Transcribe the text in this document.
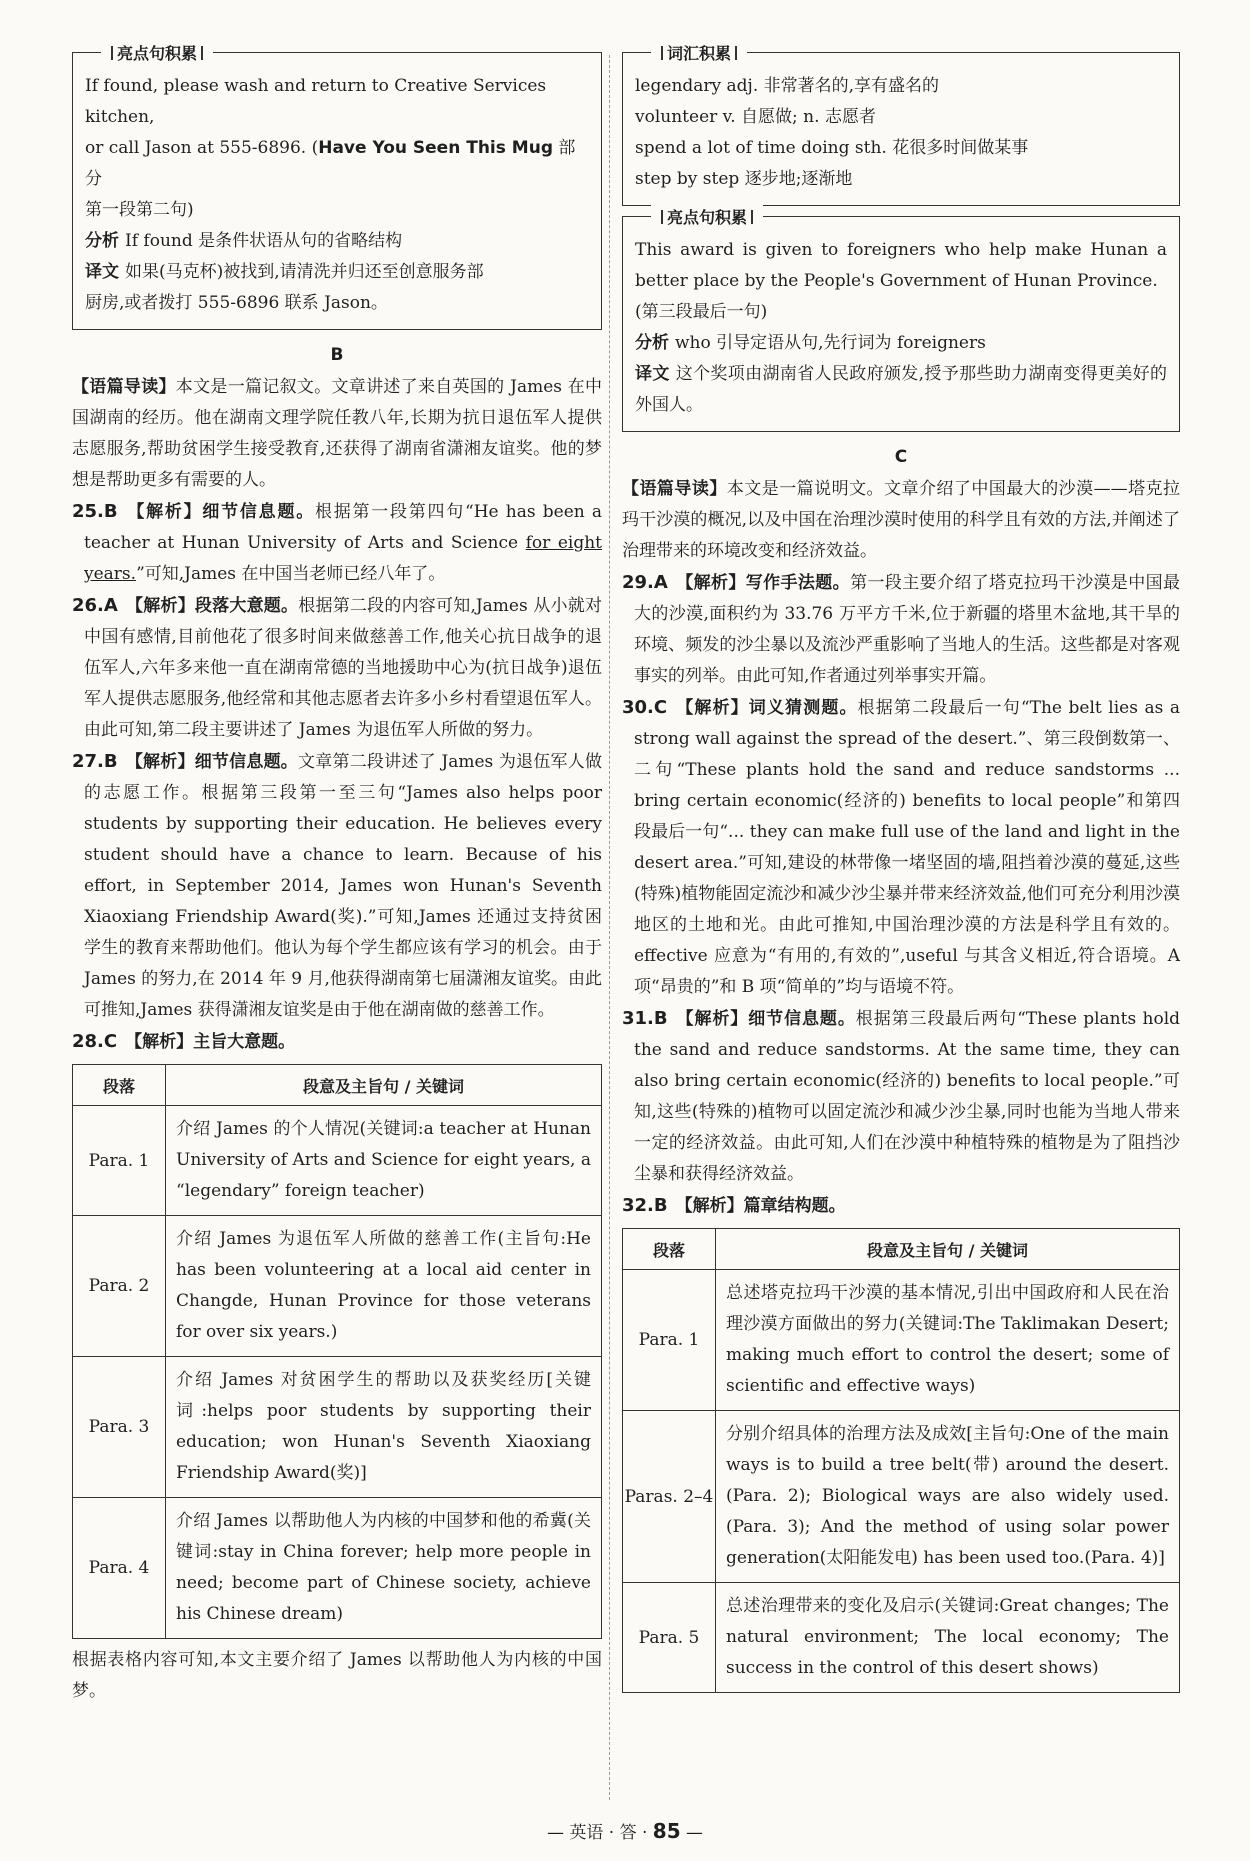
亮点句积累
If found, please wash and return to Creative Services kitchen,
or call Jason at 555-6896. (Have You Seen This Mug 部分
第一段第二句)
分析 If found 是条件状语从句的省略结构
译文 如果(马克杯)被找到,请清洗并归还至创意服务部
厨房,或者拨打 555-6896 联系 Jason。
B

【语篇导读】本文是一篇记叙文。文章讲述了来自英国的 James 在中国湖南的经历。他在湖南文理学院任教八年,长期为抗日退伍军人提供志愿服务,帮助贫困学生接受教育,还获得了湖南省潇湘友谊奖。他的梦想是帮助更多有需要的人。

25.B 【解析】细节信息题。根据第一段第四句“He has been a teacher at Hunan University of Arts and Science for eight years.”可知,James 在中国当老师已经八年了。

26.A 【解析】段落大意题。根据第二段的内容可知,James 从小就对中国有感情,目前他花了很多时间来做慈善工作,他关心抗日战争的退伍军人,六年多来他一直在湖南常德的当地援助中心为(抗日战争)退伍军人提供志愿服务,他经常和其他志愿者去许多小乡村看望退伍军人。由此可知,第二段主要讲述了 James 为退伍军人所做的努力。

27.B 【解析】细节信息题。文章第二段讲述了 James 为退伍军人做的志愿工作。根据第三段第一至三句“James also helps poor students by supporting their education. He believes every student should have a chance to learn. Because of his effort, in September 2014, James won Hunan's Seventh Xiaoxiang Friendship Award(奖).”可知,James 还通过支持贫困学生的教育来帮助他们。他认为每个学生都应该有学习的机会。由于 James 的努力,在 2014 年 9 月,他获得湖南第七届潇湘友谊奖。由此可推知,James 获得潇湘友谊奖是由于他在湖南做的慈善工作。

28.C 【解析】主旨大意题。

段落	段意及主旨句 / 关键词
Para. 1	介绍 James 的个人情况(关键词:a teacher at Hunan University of Arts and Science for eight years, a “legendary” foreign teacher)
Para. 2	介绍 James 为退伍军人所做的慈善工作(主旨句:He has been volunteering at a local aid center in Changde, Hunan Province for those veterans for over six years.)
Para. 3	介绍 James 对贫困学生的帮助以及获奖经历[关键词:helps poor students by supporting their education; won Hunan's Seventh Xiaoxiang Friendship Award(奖)]
Para. 4	介绍 James 以帮助他人为内核的中国梦和他的希冀(关键词:stay in China forever; help more people in need; become part of Chinese society, achieve his Chinese dream)

根据表格内容可知,本文主要介绍了 James 以帮助他人为内核的中国梦。

词汇积累
legendary adj. 非常著名的,享有盛名的
volunteer v. 自愿做; n. 志愿者
spend a lot of time doing sth. 花很多时间做某事
step by step 逐步地;逐渐地
亮点句积累

This award is given to foreigners who help make Hunan a better place by the People's Government of Hunan Province.

(第三段最后一句)
分析 who 引导定语从句,先行词为 foreigners

译文 这个奖项由湖南省人民政府颁发,授予那些助力湖南变得更美好的外国人。

C

【语篇导读】本文是一篇说明文。文章介绍了中国最大的沙漠——塔克拉玛干沙漠的概况,以及中国在治理沙漠时使用的科学且有效的方法,并阐述了治理带来的环境改变和经济效益。

29.A 【解析】写作手法题。第一段主要介绍了塔克拉玛干沙漠是中国最大的沙漠,面积约为 33.76 万平方千米,位于新疆的塔里木盆地,其干旱的环境、频发的沙尘暴以及流沙严重影响了当地人的生活。这些都是对客观事实的列举。由此可知,作者通过列举事实开篇。

30.C 【解析】词义猜测题。根据第二段最后一句“The belt lies as a strong wall against the spread of the desert.”、第三段倒数第一、二句“These plants hold the sand and reduce sandstorms ... bring certain economic(经济的) benefits to local people”和第四段最后一句“... they can make full use of the land and light in the desert area.”可知,建设的林带像一堵坚固的墙,阻挡着沙漠的蔓延,这些(特殊)植物能固定流沙和减少沙尘暴并带来经济效益,他们可充分利用沙漠地区的土地和光。由此可推知,中国治理沙漠的方法是科学且有效的。effective 应意为“有用的,有效的”,useful 与其含义相近,符合语境。A 项“昂贵的”和 B 项“简单的”均与语境不符。

31.B 【解析】细节信息题。根据第三段最后两句“These plants hold the sand and reduce sandstorms. At the same time, they can also bring certain economic(经济的) benefits to local people.”可知,这些(特殊的)植物可以固定流沙和减少沙尘暴,同时也能为当地人带来一定的经济效益。由此可知,人们在沙漠中种植特殊的植物是为了阻挡沙尘暴和获得经济效益。

32.B 【解析】篇章结构题。

段落	段意及主旨句 / 关键词
Para. 1	总述塔克拉玛干沙漠的基本情况,引出中国政府和人民在治理沙漠方面做出的努力(关键词:The Taklimakan Desert; making much effort to control the desert; some of scientific and effective ways)
Paras. 2–4	分别介绍具体的治理方法及成效[主旨句:One of the main ways is to build a tree belt(带) around the desert.(Para. 2); Biological ways are also widely used.(Para. 3); And the method of using solar power generation(太阳能发电) has been used too.(Para. 4)]
Para. 5	总述治理带来的变化及启示(关键词:Great changes; The natural environment; The local economy; The success in the control of this desert shows)
— 英语 · 答 · 85 —
